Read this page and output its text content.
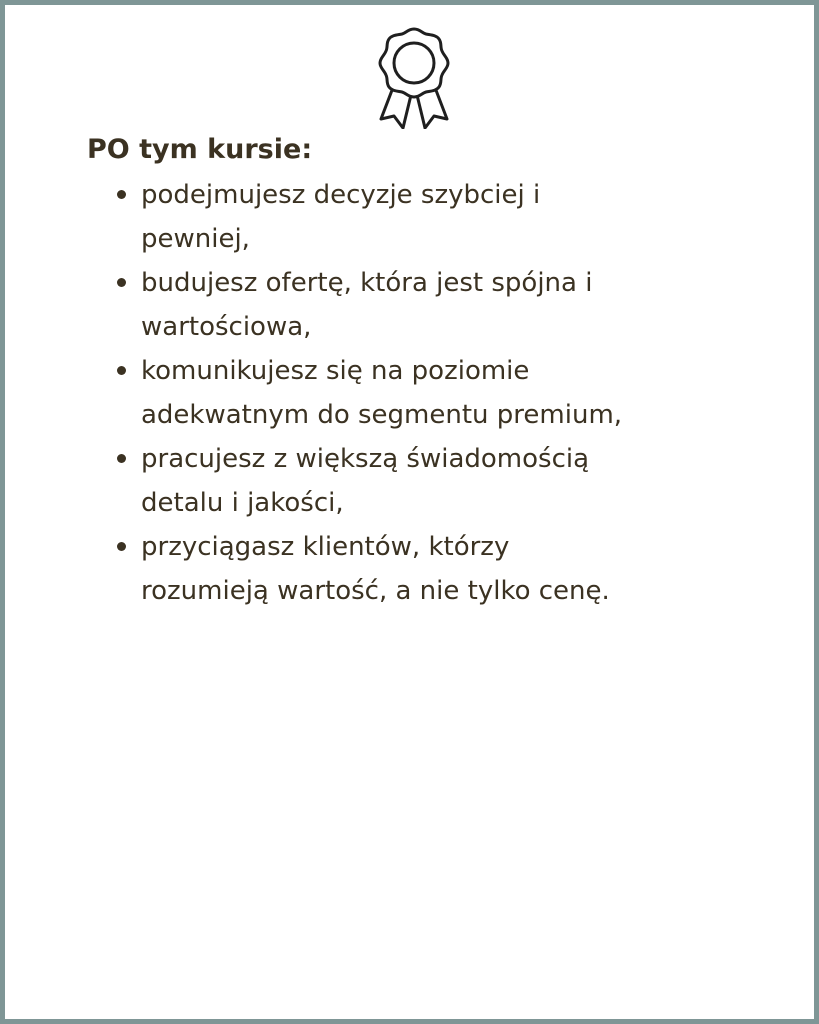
PO tym kursie:
podejmujesz decyzje szybciej i
pewniej,
budujesz ofertę, która jest spójna i
wartościowa,
komunikujesz się na poziomie
adekwatnym do segmentu premium,
pracujesz z większą świadomością
detalu i jakości,
przyciągasz klientów, którzy
rozumieją wartość, a nie tylko cenę.
